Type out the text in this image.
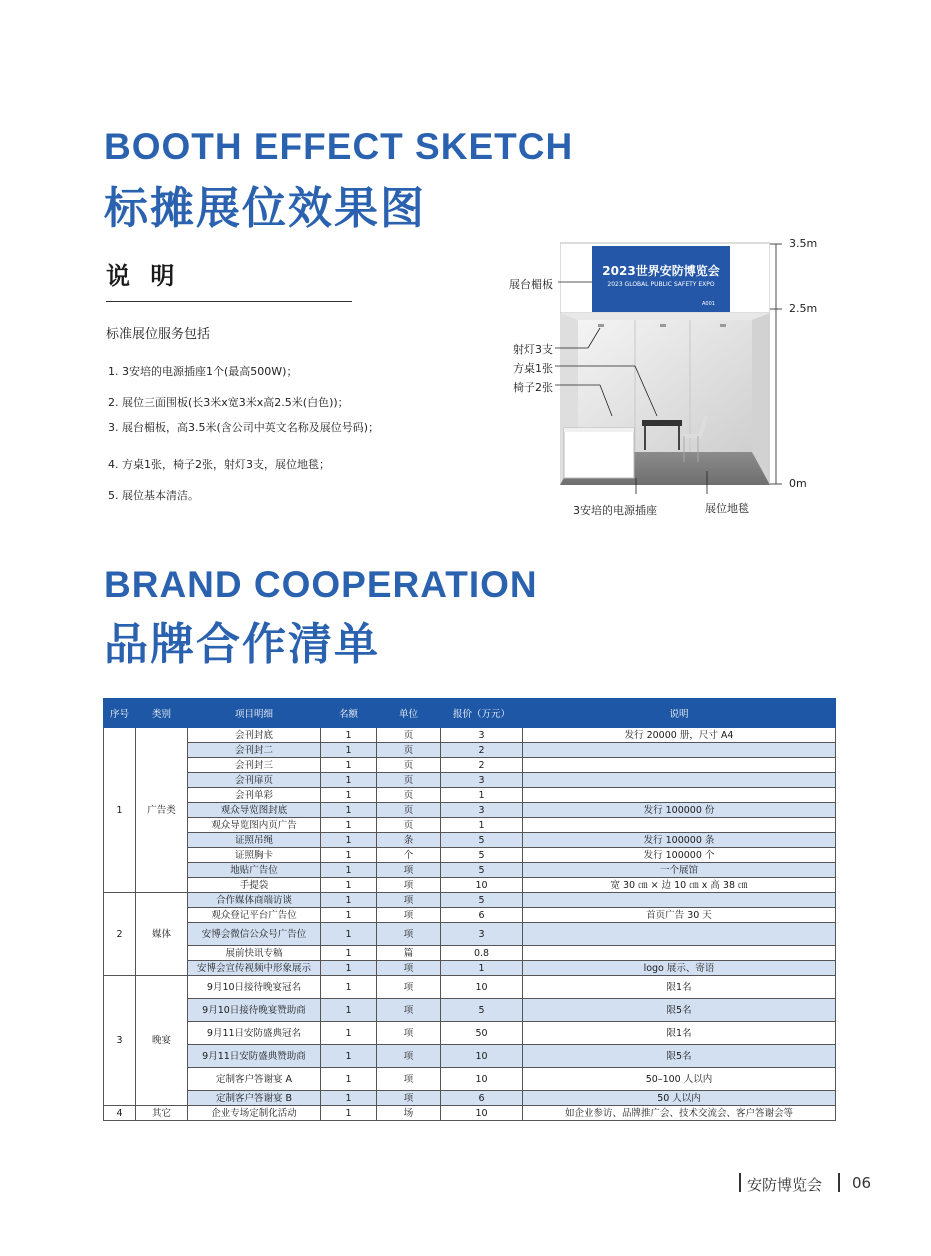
BOOTH EFFECT SKETCH
标摊展位效果图
说 明
标准展位服务包括
1. 3安培的电源插座1个(最高500W)；
2. 展位三面围板(长3米x宽3米x高2.5米(白色))；
3. 展台楣板，高3.5米(含公司中英文名称及展位号码)；
4. 方桌1张，椅子2张，射灯3支，展位地毯；
5. 展位基本清洁。
2023世界安防博览会
2023 GLOBAL PUBLIC SAFETY EXPO
A001
展台楣板
射灯3支
方桌1张
椅子2张
3安培的电源插座	展位地毯
3.5m
2.5m
0m
BRAND COOPERATION
品牌合作清单
序号	类别	项目明细	名额	单位	报价（万元）	说明
1	广告类	会刊封底	1	页	3	发行 20000 册，尺寸 A4
		会刊封二	1	页	2	
		会刊封三	1	页	2	
		会刊扉页	1	页	3	
		会刊单彩	1	页	1	
		观众导览图封底	1	页	3	发行 100000 份
		观众导览图内页广告	1	页	1	
		证照吊绳	1	条	5	发行 100000 条
		证照胸卡	1	个	5	发行 100000 个
		地贴广告位	1	项	5	一个展馆
		手提袋	1	项	10	宽 30 ㎝ × 边 10 ㎝ x 高 38 ㎝
2	媒体	合作媒体商端访谈	1	项	5	
		观众登记平台广告位	1	项	6	首页广告 30 天
		安博会微信公众号广告位	1	项	3	
		展前快讯专稿	1	篇	0.8	
		安博会宣传视频中形象展示	1	项	1	logo 展示、寄语
3	晚宴	9月10日接待晚宴冠名	1	项	10	限1名
		9月10日接待晚宴赞助商	1	项	5	限5名
		9月11日安防盛典冠名	1	项	50	限1名
		9月11日安防盛典赞助商	1	项	10	限5名
		定制客户答谢宴 A	1	项	10	50–100 人以内
		定制客户答谢宴 B	1	项	6	50 人以内
4	其它	企业专场定制化活动	1	场	10	如企业参访、品牌推广会、技术交流会、客户答谢会等
安防博览会 06
